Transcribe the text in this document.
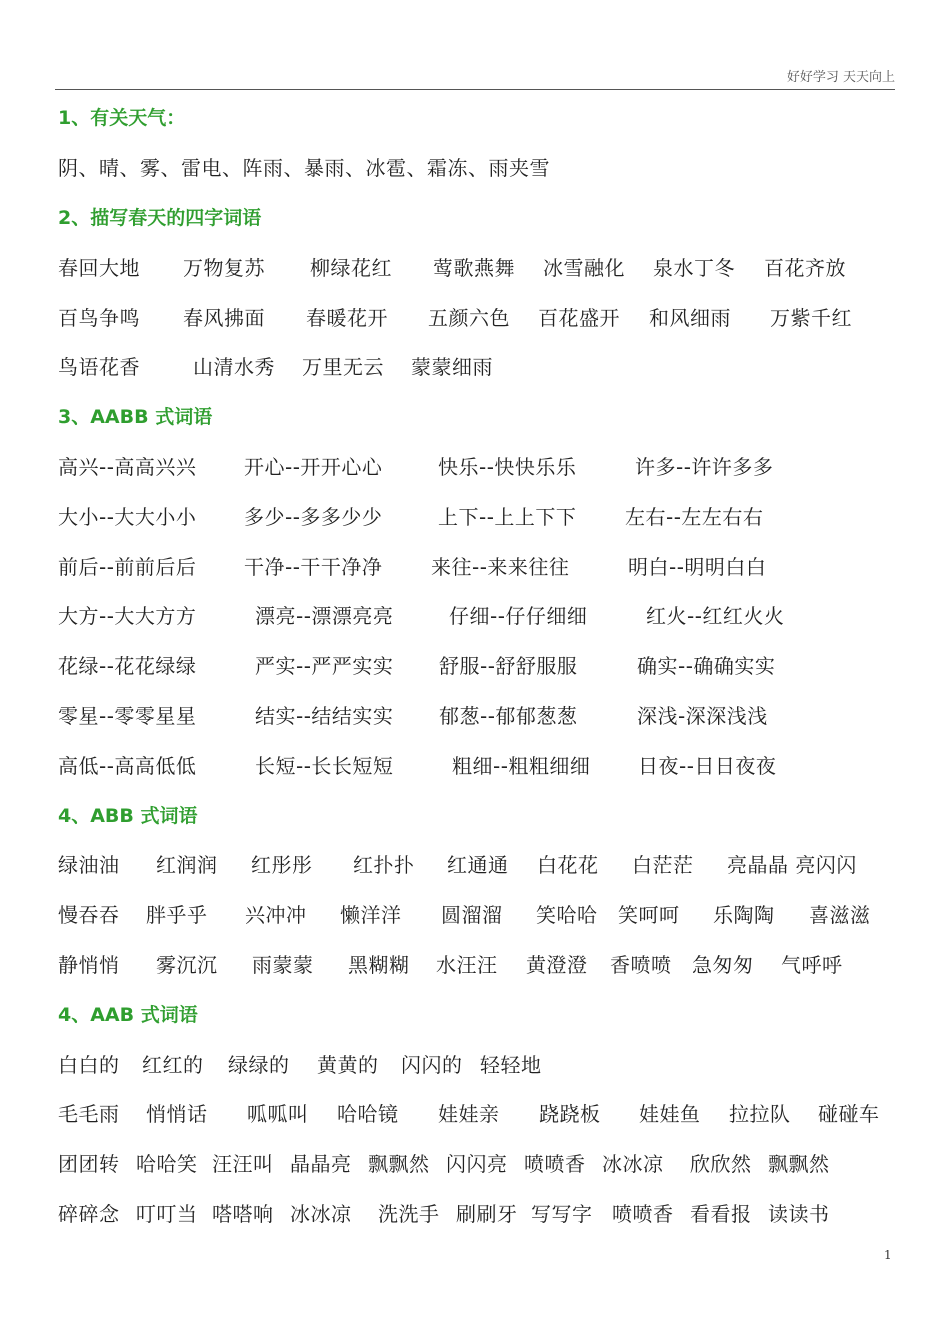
好好学习 天天向上
1、有关天气：
阴、晴、雾、雷电、阵雨、暴雨、冰雹、霜冻、雨夹雪
2、描写春天的四字词语
春回大地 万物复苏 柳绿花红 莺歌燕舞 冰雪融化 泉水丁冬 百花齐放
百鸟争鸣 春风拂面 春暖花开 五颜六色 百花盛开 和风细雨 万紫千红
鸟语花香	山清水秀 万里无云 蒙蒙细雨
3、AABB 式词语
高兴--高高兴兴 开心--开开心心	快乐--快快乐乐	许多--许许多多
大小--大大小小 多少--多多少少	上下--上上下下 左右--左左右右
前后--前前后后 干净--干干净净 来往--来来往往	明白--明明白白
大方--大大方方	漂亮--漂漂亮亮	仔细--仔仔细细	红火--红红火火
花绿--花花绿绿	严实--严严实实 舒服--舒舒服服	确实--确确实实
零星--零零星星	结实--结结实实 郁葱--郁郁葱葱	深浅-深深浅浅
高低--高高低低	长短--长长短短	粗细--粗粗细细 日夜--日日夜夜
4、ABB 式词语
绿油油 红润润 红彤彤 红扑扑 红通通 白花花 白茫茫 亮晶晶 亮闪闪
慢吞吞 胖乎乎 兴冲冲 懒洋洋 圆溜溜 笑哈哈 笑呵呵 乐陶陶 喜滋滋
静悄悄 雾沉沉 雨蒙蒙 黑糊糊 水汪汪 黄澄澄 香喷喷 急匆匆 气呼呼
4、AAB 式词语
白白的 红红的 绿绿的 黄黄的 闪闪的 轻轻地
毛毛雨 悄悄话 呱呱叫 哈哈镜 娃娃亲 跷跷板 娃娃鱼 拉拉队 碰碰车
团团转 哈哈笑 汪汪叫 晶晶亮 飘飘然 闪闪亮 喷喷香 冰冰凉 欣欣然 飘飘然
碎碎念 叮叮当 嗒嗒响 冰冰凉 洗洗手 刷刷牙 写写字 喷喷香 看看报 读读书
1
